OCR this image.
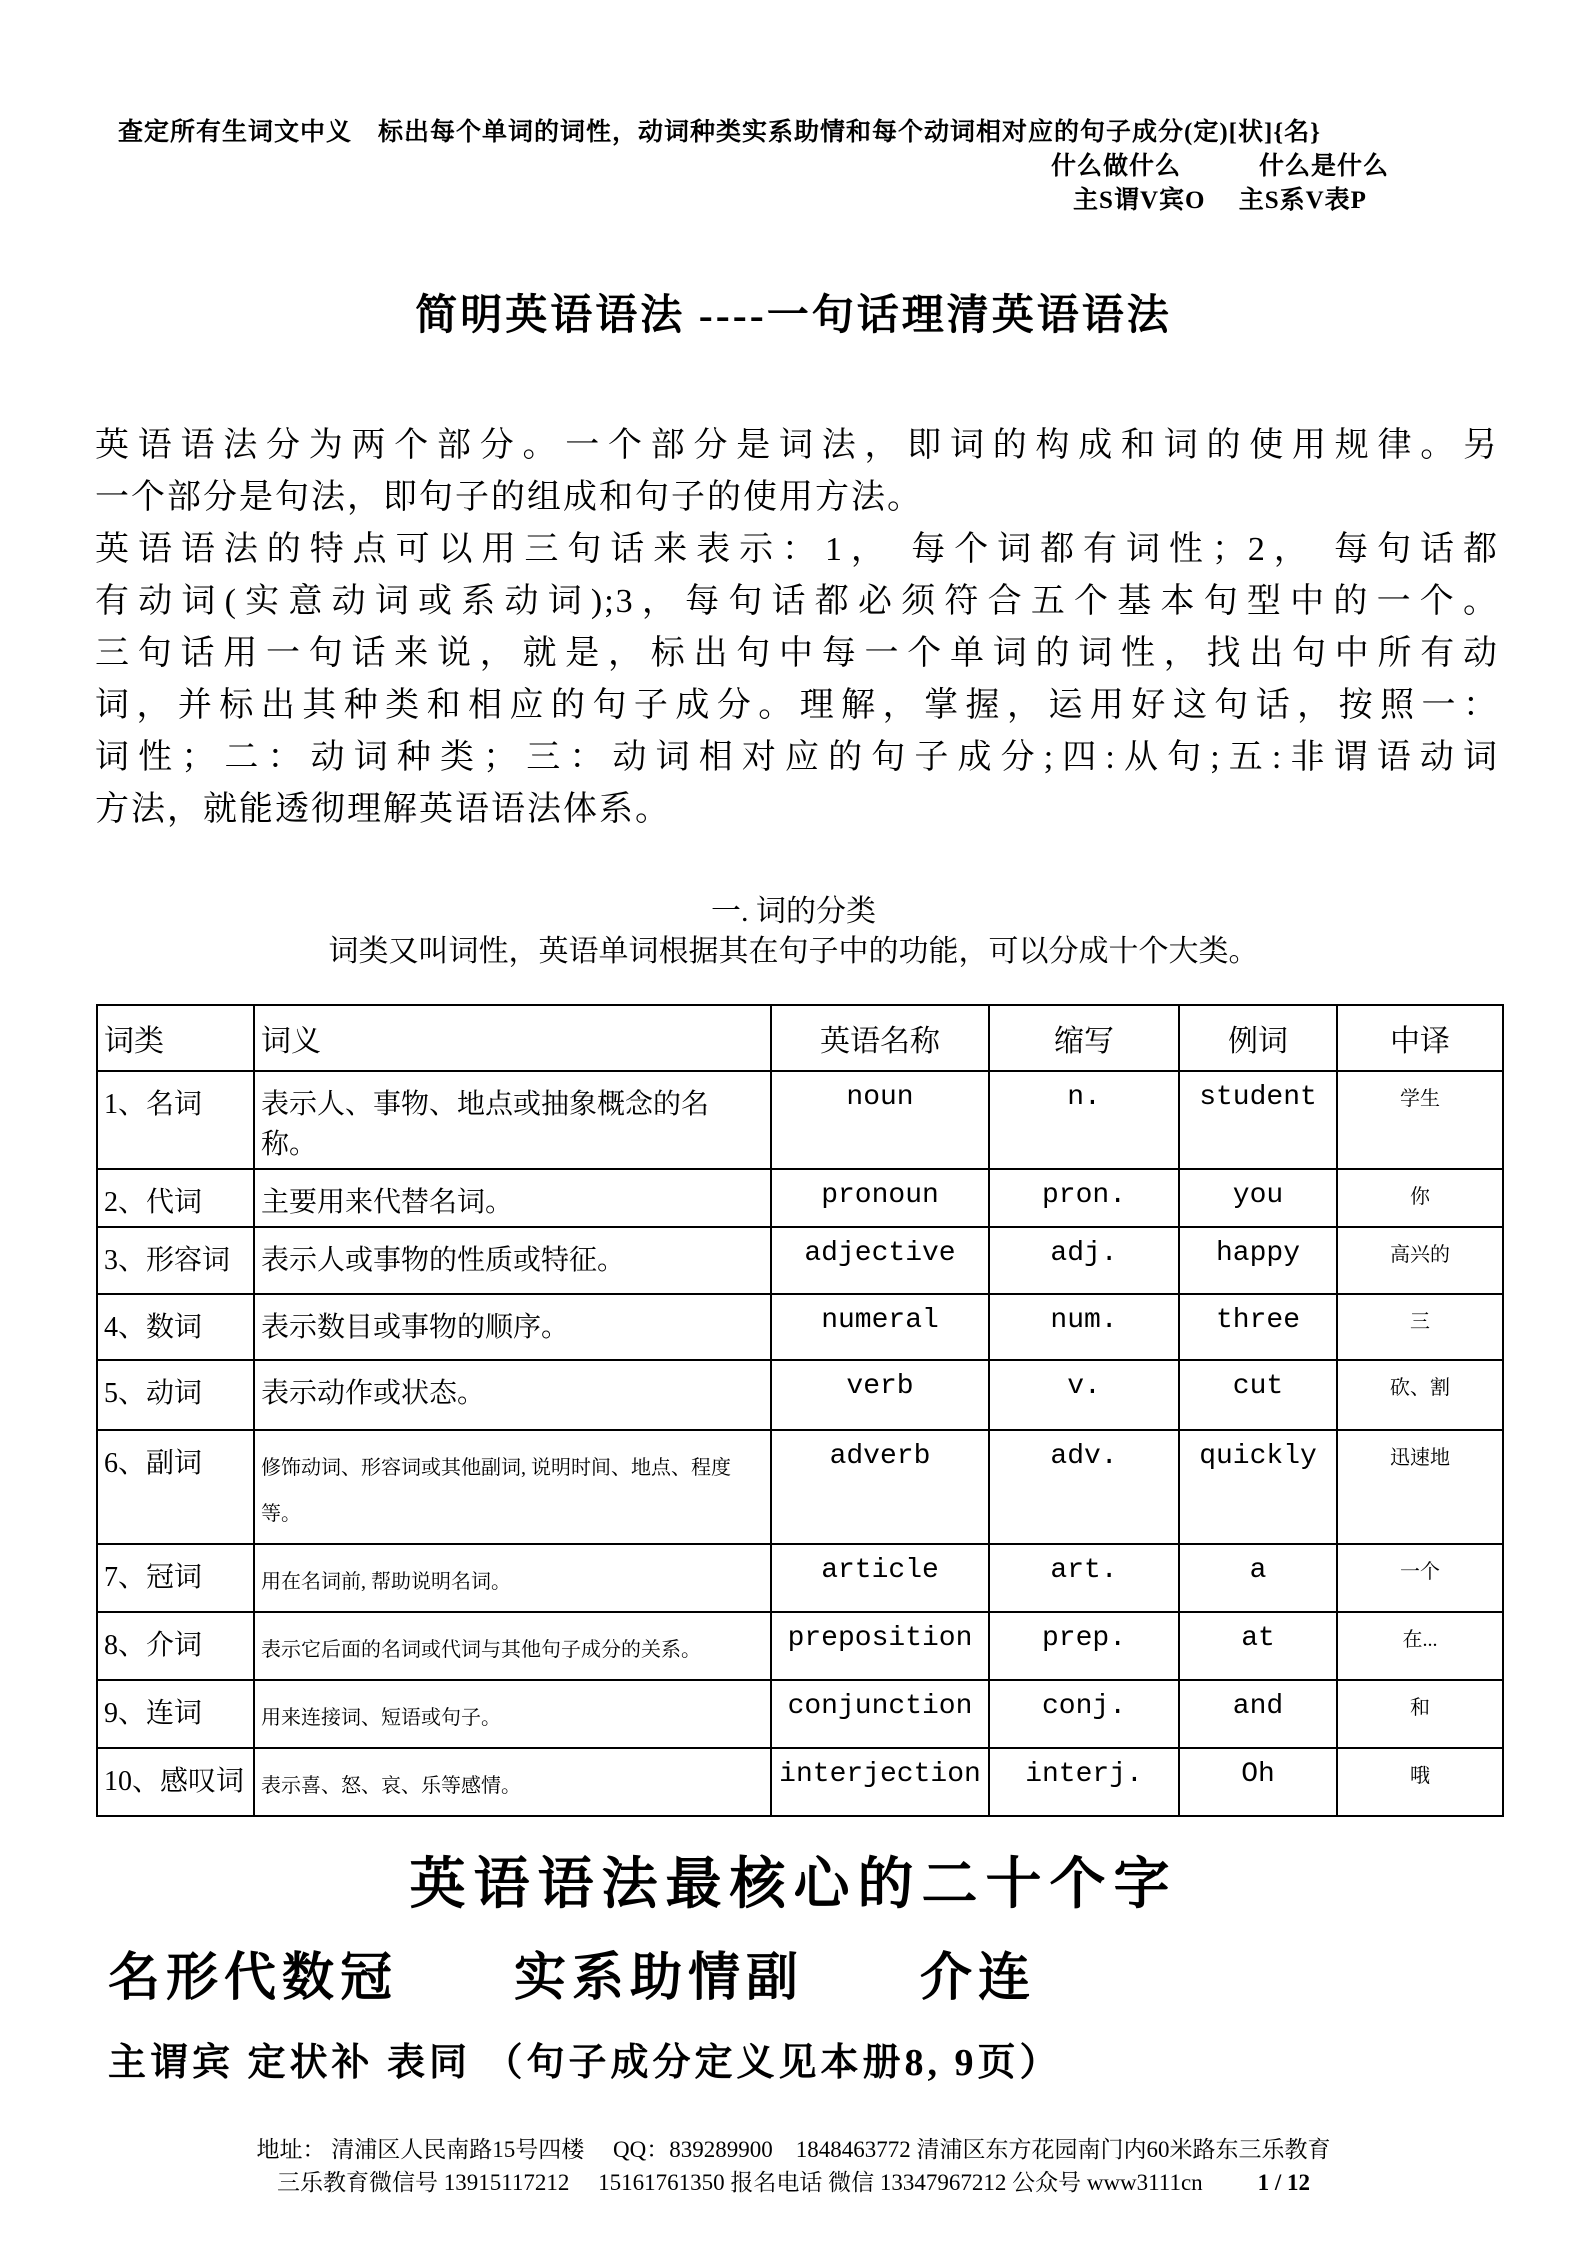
查定所有生词文中义　标出每个单词的词性，动词种类实系助情和每个动词相对应的句子成分(定)[状]{名}
什么做什么　　　什么是什么
主S谓V宾O　 主S系V表P
简明英语语法 ----一句话理清英语语法
英语语法分为两个部分。一个部分是词法，即词的构成和词的使用规律。另
一个部分是句法，即句子的组成和句子的使用方法。
英语语法的特点可以用三句话来表示：1， 每个词都有词性；2， 每句话都
有动词(实意动词或系动词);3，每句话都必须符合五个基本句型中的一个。
三句话用一句话来说，就是，标出句中每一个单词的词性，找出句中所有动
词，并标出其种类和相应的句子成分。理解，掌握，运用好这句话，按照一：
词性；二：动词种类；三：动词相对应的句子成分;四:从句;五:非谓语动词
方法，就能透彻理解英语语法体系。
一. 词的分类
词类又叫词性，英语单词根据其在句子中的功能，可以分成十个大类。
词类	词义	英语名称	缩写	例词	中译
1、名词	表示人、事物、地点或抽象概念的名称。	noun	n.	student	学生
2、代词	主要用来代替名词。	pronoun	pron.	you	你
3、形容词	表示人或事物的性质或特征。	adjective	adj.	happy	高兴的
4、数词	表示数目或事物的顺序。	numeral	num.	three	三
5、动词	表示动作或状态。	verb	v.	cut	砍、割
6、副词	修饰动词、形容词或其他副词, 说明时间、地点、程度等。	adverb	adv.	quickly	迅速地
7、冠词	用在名词前, 帮助说明名词。	article	art.	a	一个
8、介词	表示它后面的名词或代词与其他句子成分的关系。	preposition	prep.	at	在...
9、连词	用来连接词、短语或句子。	conjunction	conj.	and	和
10、感叹词	表示喜、怒、哀、乐等感情。	interjection	interj.	Oh	哦
英语语法最核心的二十个字
名形代数冠　　实系助情副　　介连
主谓宾 定状补 表同 （句子成分定义见本册8, 9页）
地址： 清浦区人民南路15号四楼　 QQ：839289900　1848463772 清浦区东方花园南门内60米路东三乐教育
三乐教育微信号 13915117212　 15161761350 报名电话 微信 13347967212 公众号 www3111cn 1 / 12
